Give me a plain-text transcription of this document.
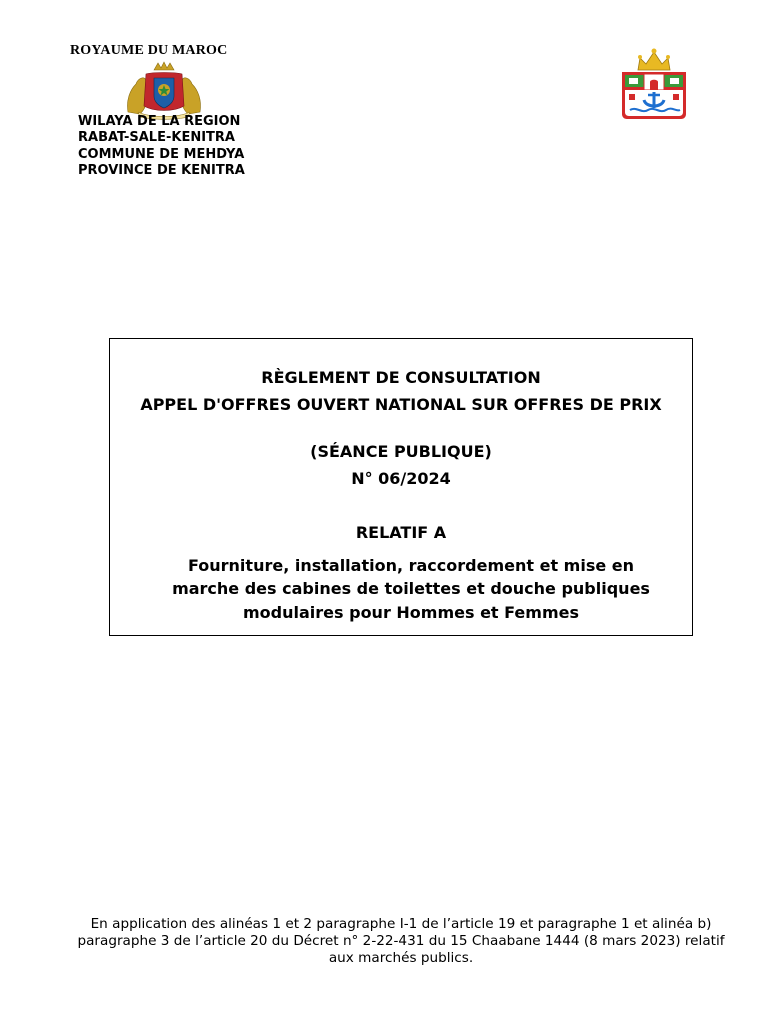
ROYAUME DU MAROC
WILAYA DE LA REGION
RABAT-SALE-KENITRA
COMMUNE DE MEHDYA
PROVINCE DE KENITRA
RÈGLEMENT DE CONSULTATION
APPEL D'OFFRES OUVERT NATIONAL SUR OFFRES DE PRIX
(SÉANCE PUBLIQUE)
N° 06/2024
RELATIF A
Fourniture, installation, raccordement et mise en marche des cabines de toilettes et douche publiques modulaires pour Hommes et Femmes
En application des alinéas 1 et 2 paragraphe I-1 de l’article 19 et paragraphe 1 et alinéa b) paragraphe 3 de l’article 20 du Décret n° 2-22-431 du 15 Chaabane 1444 (8 mars 2023) relatif aux marchés publics.
